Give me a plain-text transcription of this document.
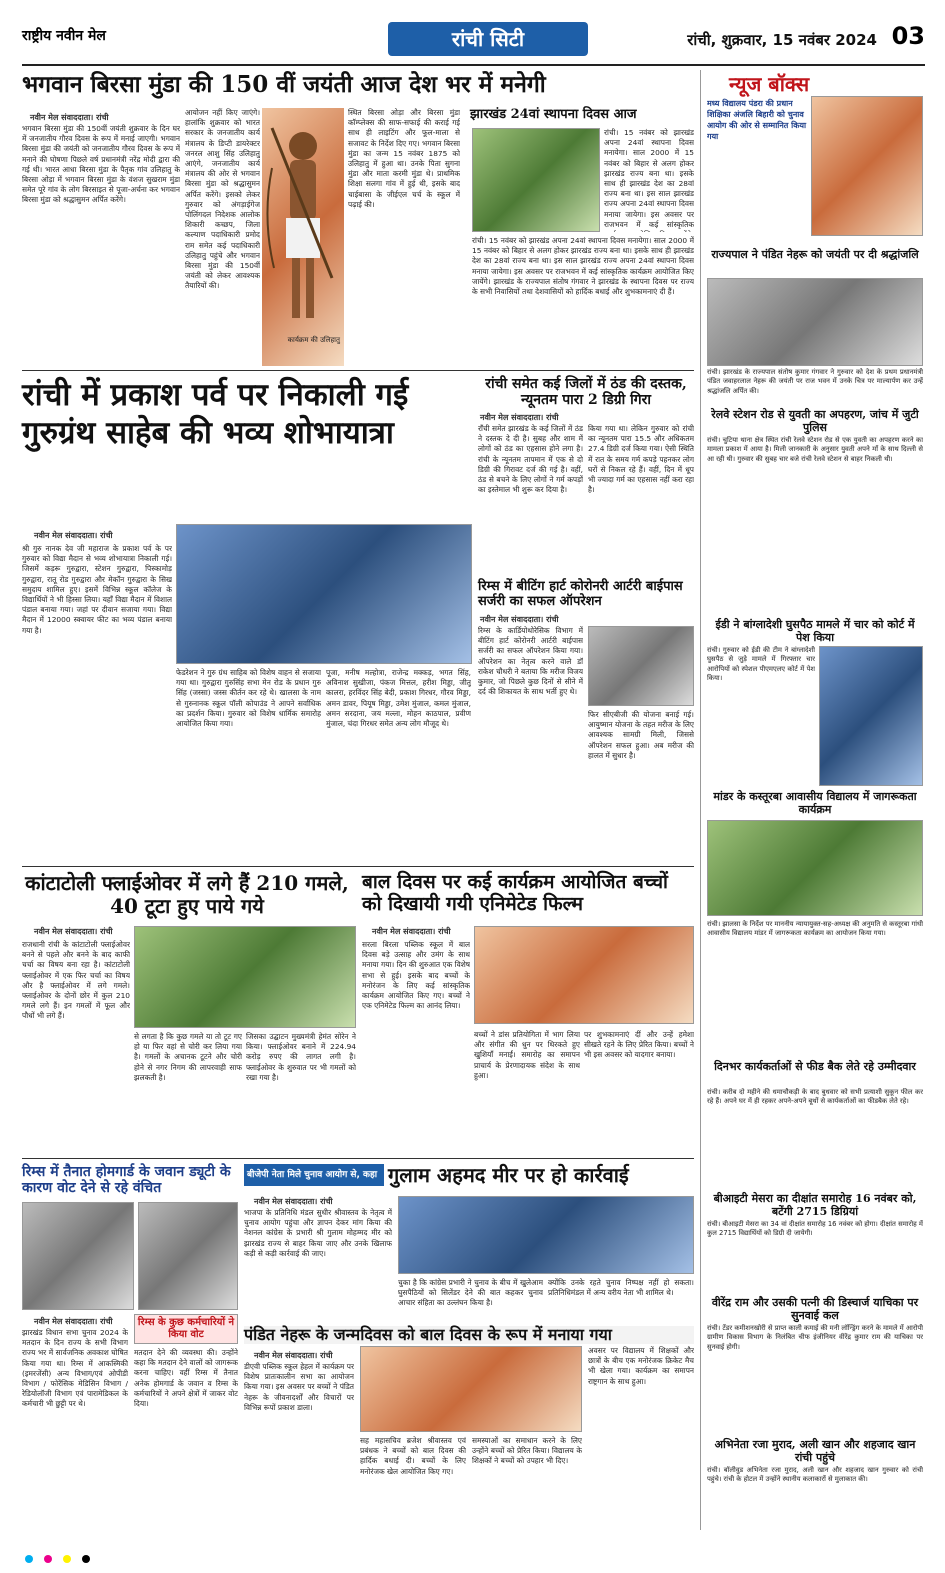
राष्ट्रीय नवीन मेल	रांची सिटी	रांची, शुक्रवार, 15 नवंबर 2024 03
भगवान बिरसा मुंडा की 150 वीं जयंती आज देश भर में मनेगी
नवीन मेल संवाददाता। रांची
भगवान बिरसा मुंडा की 150वीं जयंती शुक्रवार के दिन घर में जनजातीय गौरव दिवस के रूप में मनाई जाएगी। भगवान बिरसा मुंडा की जयंती को जनजातीय गौरव दिवस के रूप में मनाने की घोषणा पिछले वर्ष प्रधानमंत्री नरेंद्र मोदी द्वारा की गई थी। भारत आधा बिरसा मुंडा के पैतृक गांव उलिहातु के बिरसा ओड़ा में भगवान बिरसा मुंडा के वंशज सुखराम मुंडा समेत पूरे गांव के लोग बिरसाइत से पूजा-अर्चना कर भगवान बिरसा मुंडा को श्रद्धासुमन अर्पित करेंगे।
आयोजन नहीं किए जाएंगे। हालांकि शुक्रवार को भारत सरकार के जनजातीय कार्य मंत्रालय के डिप्टी डायरेक्टर जनरल आशु सिंह उलिहातु आएंगे, जनजातीय कार्य मंत्रालय की ओर से भगवान बिरसा मुंडा को श्रद्धासुमन अर्पित करेंगे। इसको लेकर गुरुवार को अंगड़ाईगेज पोलिंगदल निदेशक आलोक शिकारी कच्छप, जिला कल्याण पदाधिकारी प्रमोद राम समेत कई पदाधिकारी उलिहातु पहुंचे और भगवान बिरसा मुंडा की 150वीं जयंती को लेकर आवश्यक तैयारियों की।
कार्यक्रम की उलिहातु
स्थित बिरसा ओड़ा और बिरसा मुंडा कॉम्प्लेक्स की साफ-सफाई की कराई गई साथ ही लाइटिंग और फूल-माला से सजावट के निर्देश दिए गए। भगवान बिरसा मुंडा का जन्म 15 नवंबर 1875 को उलिहातु में हुआ था। उनके पिता सुगना मुंडा और माता करमी मुंडा थे। प्राथमिक शिक्षा सलगा गांव में हुई थी, इसके बाद चाईबासा के जीईएल चर्च के स्कूल में पढ़ाई की।
झारखंड 24वां स्थापना दिवस आज
रांची। 15 नवंबर को झारखंड अपना 24वां स्थापना दिवस मनायेगा। साल 2000 में 15 नवंबर को बिहार से अलग होकर झारखंड राज्य बना था। इसके साथ ही झारखंड देश का 28वां राज्य बना था। इस साल झारखंड राज्य अपना 24वां स्थापना दिवस मनाया जायेगा। इस अवसर पर राजभवन में कई सांस्कृतिक
रांची। 15 नवंबर को झारखंड अपना 24वां स्थापना दिवस मनायेगा। साल 2000 में 15 नवंबर को बिहार से अलग होकर झारखंड राज्य बना था। इसके साथ ही झारखंड देश का 28वां राज्य बना था। इस साल झारखंड राज्य अपना 24वां स्थापना दिवस मनाया जायेगा। इस अवसर पर राजभवन में कई सांस्कृतिक कार्यक्रम आयोजित किए जायेंगे। झारखंड के राज्यपाल संतोष गंगवार ने झारखंड के स्थापना दिवस पर राज्य के सभी निवासियों तथा देशवासियों को हार्दिक बधाई और शुभकामनाएं दी हैं।
रांची में प्रकाश पर्व पर निकाली गई गुरुग्रंथ साहेब की भव्य शोभायात्रा
नवीन मेल संवाददाता। रांची
श्री गुरु नानक देव जी महाराज के प्रकाश पर्व के पर गुरुवार को विद्या मैदान से भव्य शोभायात्रा निकाली गई। जिसमें कड़रू गुरुद्वारा, स्टेशन गुरुद्वारा, पिस्कामोड़ गुरुद्वारा, रातू रोड गुरुद्वारा और मेकॉन गुरुद्वारा के सिख समुदाय शामिल हुए। इसमें विभिन्न स्कूल कॉलेज के विद्यार्थियों ने भी हिस्सा लिया। यहाँ विद्या मैदान में विशाल पंडाल बनाया गया। जहां पर दीवान सजाया गया। विद्या मैदान में 12000 स्क्वायर फीट का भव्य पंडाल बनाया गया है।
फेडरेशन ने गुरु ग्रंथ साहिब को विशेष वाहन से सजाया गया था। गुरुद्वारा गुरुसिंह सभा मेन रोड के प्रधान गुरु सिंह (जस्सा) जस्स कीर्तन कर रहे थे। खालसा के नाम से गुरुनानक स्कूल पॉली कोपाउंड ने आपने सर्वाधिक का प्रदर्शन किया। गुरुवार को विशेष धार्मिक समारोह आयोजित किया गया।
पूजा, मनीष मल्होत्रा, राजेन्द्र मक्कड़, भगत सिंह, अविनाश सुखीजा, पंकज मित्तल, हरीश मिड्डा, जीतू कालरा, हरविंदर सिंह बेदी, प्रकाश गिरधर, गौरव मिड्डा, अमन डावर, पियूष मिड्डा, उमेश मुंजाल, कमल मुंजाल, अमन सरदाना, जय मल्ला, मोहन काठपाल, प्रवीण मुंजाल, चंदा गिरधर समेत अन्य लोग मौजूद थे।
रांची समेत कई जिलों में ठंड की दस्तक, न्यूनतम पारा 2 डिग्री गिरा
नवीन मेल संवाददाता। रांची
राँची समेत झारखंड के कई जिलों में ठंड ने दस्तक दे दी है। सुबह और शाम में लोगों को ठंड का एहसास होने लगा है। रांची के न्यूनतम तापमान में एक से दो डिग्री की गिरावट दर्ज की गई है। वहीं, ठंड से बचने के लिए लोगों ने गर्म कपड़ों का इस्तेमाल भी शुरू कर दिया है।
किया गया था। लेकिन गुरुवार को रांची का न्यूनतम पारा 15.5 और अधिकतम 27.4 डिग्री दर्ज किया गया। ऐसी स्थिति में रात के समय गर्म कपड़े पहनकर लोग घरों से निकल रहे हैं। वहीं, दिन में धूप भी ज्यादा गर्म का एहसास नहीं करा रहा है।
रिम्स में बीटिंग हार्ट कोरोनरी आर्टरी बाईपास सर्जरी का सफल ऑपरेशन
नवीन मेल संवाददाता। रांची
रिम्स के कार्डियोथोरेसिक विभाग में बीटिंग हार्ट कोरोनरी आर्टरी बाईपास सर्जरी का सफल ऑपरेशन किया गया। ऑपरेशन का नेतृत्व करने वाले डॉ राकेश चौधरी ने बताया कि मरीज विजय कुमार, जो पिछले कुछ दिनों से सीने में दर्द की शिकायत के साथ भर्ती हुए थे।
फिर सीएबीजी की योजना बनाई गई। आयुष्मान योजना के तहत मरीज के लिए आवश्यक सामग्री मिली, जिससे ऑपरेशन सफल हुआ। अब मरीज की हालत में सुधार है।
कांटाटोली फ्लाईओवर में लगे हैं 210 गमले, 40 टूटा हुए पाये गये
नवीन मेल संवाददाता। रांची
राजधानी रांची के कांटाटोली फ्लाईओवर बनने से पहले और बनने के बाद काफी चर्चा का विषय बना रहा है। कांटाटोली फ्लाईओवर में एक फिर चर्चा का विषय और है फ्लाईओवर में लगे गमले। फ्लाईओवर के दोनों छोर में कुल 210 गमले लगे हैं। इन गमलों में फूल और पौधों भी लगे हैं।
से लगता है कि कुछ गमले या तो टूट गए हो या फिर वहां से चोरी कर लिया गया है। गमलों के अचानक टूटने और चोरी होने से नगर निगम की लापरवाही साफ झलकती है।
जिसका उद्घाटन मुख्यमंत्री हेमंत सोरेन ने किया। फ्लाईओवर बनाने में 224.94 करोड़ रुपए की लागत लगी है। फ्लाईओवर के शुरुवात पर भी गमलों को रखा गया है।
बाल दिवस पर कई कार्यक्रम आयोजित बच्चों को दिखायी गयी एनिमेटेड फिल्म
नवीन मेल संवाददाता। रांची
सरला बिरला पब्लिक स्कूल में बाल दिवस बड़े उत्साह और उमंग के साथ मनाया गया। दिन की शुरुआत एक विशेष सभा से हुई। इसके बाद बच्चों के मनोरंजन के लिए कई सांस्कृतिक कार्यक्रम आयोजित किए गए। बच्चों ने एक एनिमेटेड फिल्म का आनंद लिया।
बच्चों ने डांस प्रतियोगिता में भाग लिया और संगीत की धुन पर थिरकते हुए खुशियाँ मनाईं। समारोह का समापन प्राचार्य के प्रेरणादायक संदेश के साथ हुआ।
पर शुभकामनाएं दीं और उन्हें हमेशा सीखते रहने के लिए प्रेरित किया। बच्चों ने भी इस अवसर को यादगार बनाया।
रिम्स में तैनात होमगार्ड के जवान ड्यूटी के कारण वोट देने से रहे वंचित
नवीन मेल संवाददाता। रांची
झारखंड विधान सभा चुनाव 2024 के मतदान के दिन राज्य के सभी विभाग राज्य भर में सार्वजनिक अवकाश घोषित किया गया था। रिम्स में आकस्मिकी (इमरजेंसी) अन्य विभाग/एवं ओपीडी विभाग / फोरेंसिक मेडिसिन विभाग / रेडियोलॉजी विभाग एवं पारामेडिकल के कर्मचारी भी छुट्टी पर थे।
रिम्स के कुछ कर्मचारियों ने किया वोट
मतदान देने की व्यवस्था की। उन्होंने कहा कि मतदान देने वालों को जागरूक करना चाहिए। वहीं रिम्स में तैनात अनेक होमगार्ड के जवान व रिम्स के कर्मचारियों ने अपने क्षेत्रों में जाकर वोट दिया।
बीजेपी नेता मिले चुनाव आयोग से, कहा गुलाम अहमद मीर पर हो कार्रवाई
नवीन मेल संवाददाता। रांची
भाजपा के प्रतिनिधि मंडल सुधीर श्रीवास्तव के नेतृत्व में चुनाव आयोग पहुंचा और ज्ञापन देकर मांग किया की नेशनल कांग्रेस के प्रभारी श्री गुलाम मोहम्मद मीर को झारखंड राज्य से बाहर किया जाए और उनके खिलाफ कड़ी से कड़ी कार्रवाई की जाए।
चुका है कि कांग्रेस प्रभारी ने चुनाव के बीच में खुलेआम घुसपैठियों को सिलेंडर देने की बात कहकर चुनाव आचार संहिता का उल्लंघन किया है।
क्योंकि उनके रहते चुनाव निष्पक्ष नहीं हो सकता। प्रतिनिधिमंडल में अन्य वरीय नेता भी शामिल थे।
पंडित नेहरू के जन्मदिवस को बाल दिवस के रूप में मनाया गया
नवीन मेल संवाददाता। रांची
डीएवी पब्लिक स्कूल हेहल में कार्यक्रम पर विशेष प्रातःकालीन सभा का आयोजन किया गया। इस अवसर पर बच्चों ने पंडित नेहरू के जीवनादर्शों और विचारों पर विभिन्न रूपों प्रकाश डाला।
सह महासचिव ब्रजेश श्रीवास्तव एवं प्रबंधक ने बच्चों को बाल दिवस की हार्दिक बधाई दी। बच्चों के लिए मनोरंजक खेल आयोजित किए गए।
समस्याओं का समाधान करने के लिए उन्होंने बच्चों को प्रेरित किया। विद्यालय के शिक्षकों ने बच्चों को उपहार भी दिए।
अवसर पर विद्यालय में शिक्षकों और छात्रों के बीच एक मनोरंजक क्रिकेट मैच भी खेला गया। कार्यक्रम का समापन राष्ट्रगान के साथ हुआ।
न्यूज बॉक्स
मध्य विद्यालय पंडरा की प्रधान शिक्षिका अंजलि बिहारी को चुनाव आयोग की ओर से सम्मानित किया गया
राज्यपाल ने पंडित नेहरू को जयंती पर दी श्रद्धांजलि
रांची। झारखंड के राज्यपाल संतोष कुमार गंगवार ने गुरुवार को देश के प्रथम प्रधानमंत्री पंडित जवाहरलाल नेहरू की जयंती पर राज भवन में उनके चित्र पर माल्यार्पण कर उन्हें श्रद्धांजलि अर्पित की।
रेलवे स्टेशन रोड से युवती का अपहरण, जांच में जुटी पुलिस
रांची। चुटिया थाना क्षेत्र स्थित रांची रेलवे स्टेशन रोड से एक युवती का अपहरण करने का मामला प्रकाश में आया है। मिली जानकारी के अनुसार युवती अपने माँ के साथ दिल्ली से आ रही थी। गुरुवार की सुबह चार बजे रांची रेलवे स्टेशन से बाहर निकली थी।
ईडी ने बांग्लादेशी घुसपैठ मामले में चार को कोर्ट में पेश किया
रांची। गुरुवार को ईडी की टीम ने बांग्लादेशी घुसपैठ से जुड़े मामले में गिरफ्तार चार आरोपियों को स्पेशल पीएमएलए कोर्ट में पेश किया।
मांडर के कस्तूरबा आवासीय विद्यालय में जागरूकता कार्यक्रम
रांची। झालसा के निर्देश पर माननीय न्यायायुक्त-सह-अध्यक्ष की अनुमति से कस्तूरबा गांधी आवासीय विद्यालय मांडर में जागरूकता कार्यक्रम का आयोजन किया गया।
दिनभर कार्यकर्ताओं से फीड बैक लेते रहे उम्मीदवार
रांची। करीब दो महीने की धमाचौकड़ी के बाद बुधवार को सभी प्रत्याशी सुकून फील कर रहे हैं। अपने घर में ही रहकर अपने-अपने बूथों से कार्यकर्ताओं का फीडबैक लेते रहे।
बीआइटी मेसरा का दीक्षांत समारोह 16 नवंबर को, बटेंगी 2715 डिग्रियां
रांची। बीआइटी मेसरा का 34 वां दीक्षांत समारोह 16 नवंबर को होगा। दीक्षांत समारोह में कुल 2715 विद्यार्थियों को डिग्री दी जायेगी।
वीरेंद्र राम और उसकी पत्नी की डिस्चार्ज याचिका पर सुनवाई कल
रांची। टेंडर कमीशनखोरी से प्राप्त काली कमाई की मनी लॉन्ड्रिंग करने के मामले में आरोपी ग्रामीण विकास विभाग के निलंबित चीफ इंजीनियर वीरेंद्र कुमार राम की याचिका पर सुनवाई होगी।
अभिनेता रजा मुराद, अली खान और शहजाद खान रांची पहुंचे
रांची। बॉलीवुड अभिनेता रजा मुराद, अली खान और शहजाद खान गुरुवार को रांची पहुंचे। रांची के होटल में उन्होंने स्थानीय कलाकारों से मुलाकात की।
